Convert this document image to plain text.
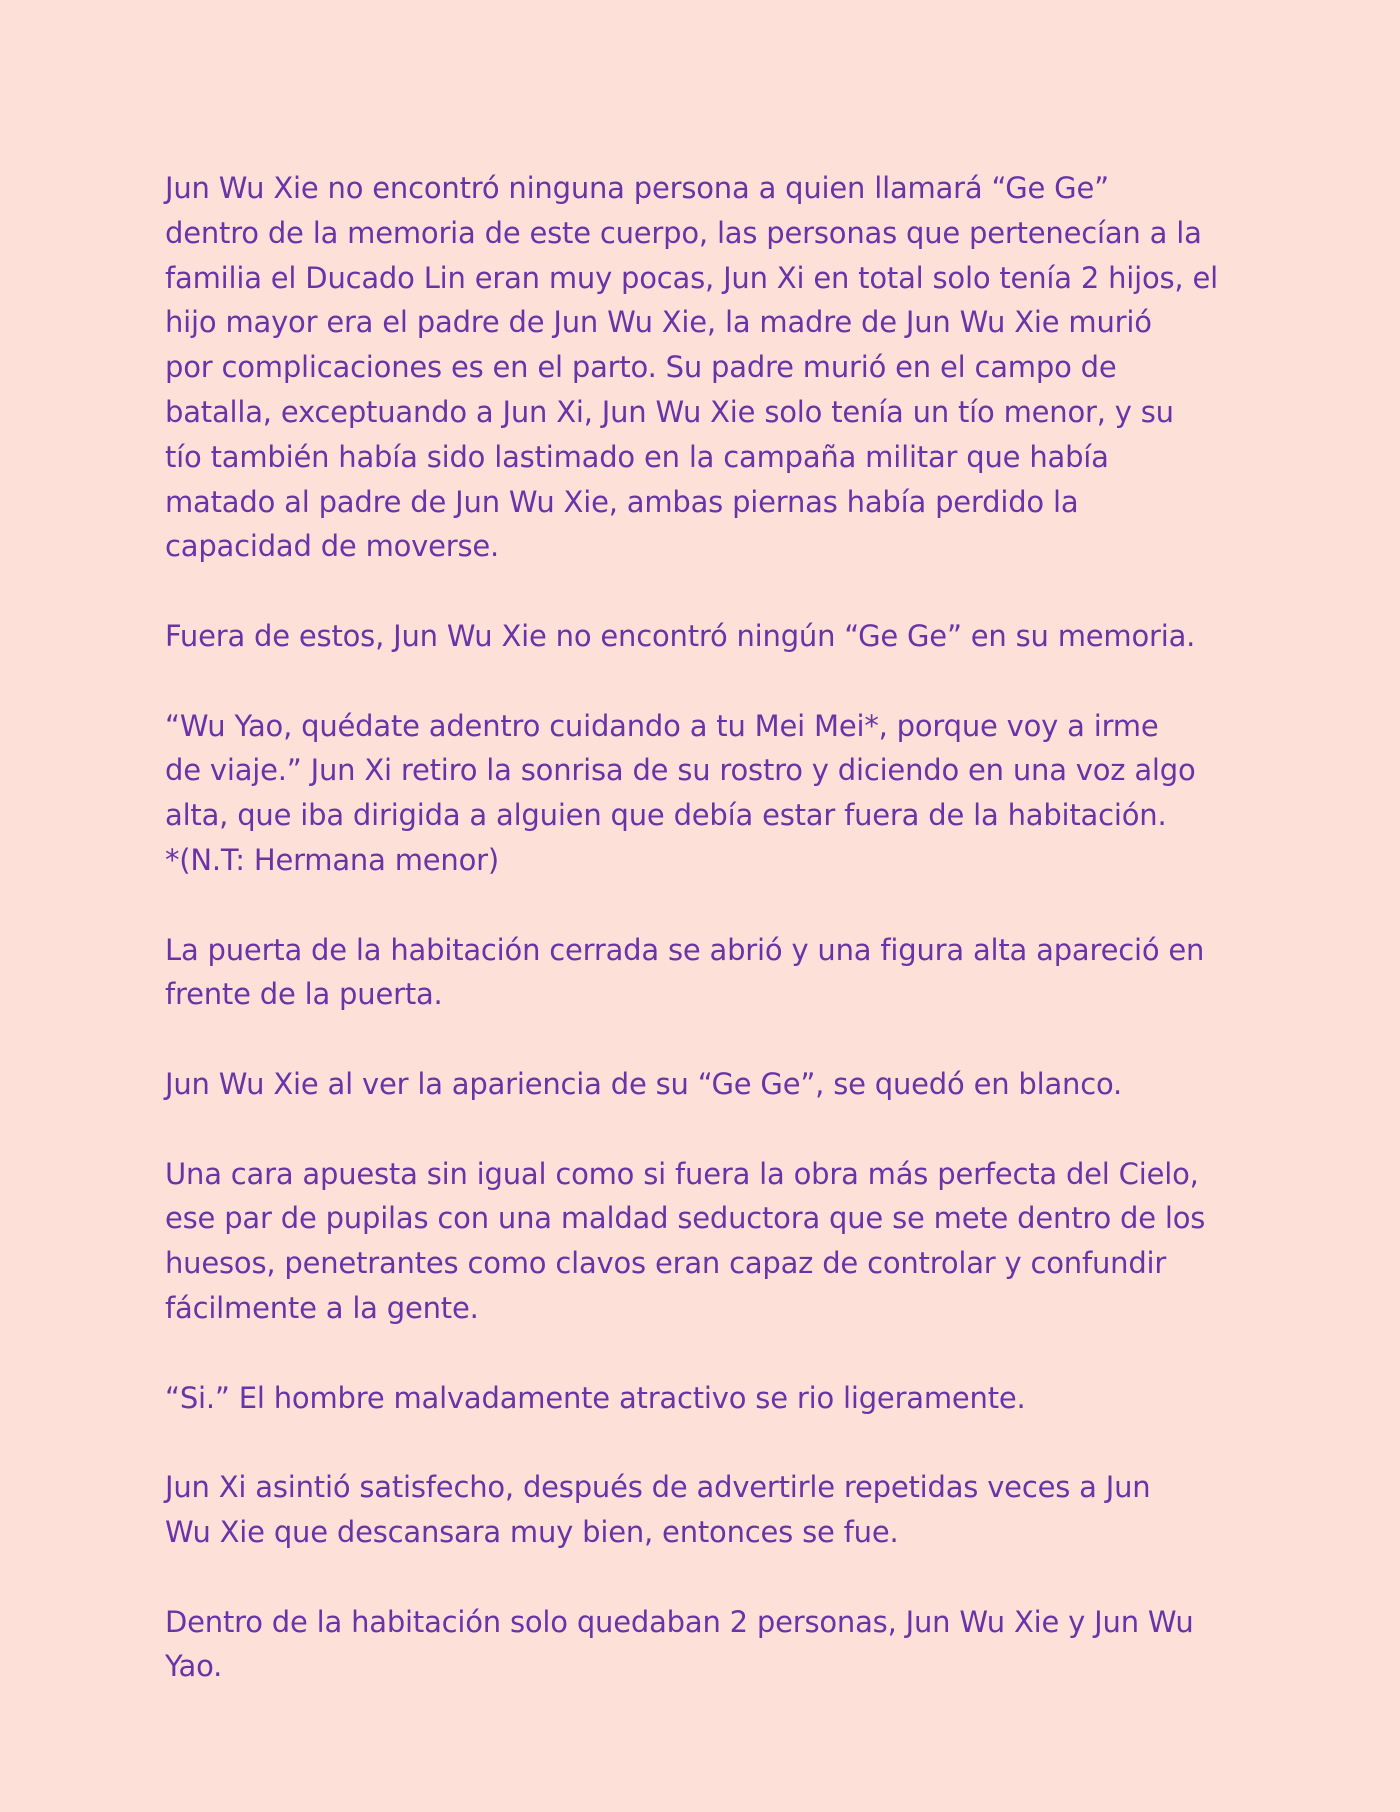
Jun Wu Xie no encontró ninguna persona a quien llamará “Ge Ge”
dentro de la memoria de este cuerpo, las personas que pertenecían a la
familia el Ducado Lin eran muy pocas, Jun Xi en total solo tenía 2 hijos, el
hijo mayor era el padre de Jun Wu Xie, la madre de Jun Wu Xie murió
por complicaciones es en el parto. Su padre murió en el campo de
batalla, exceptuando a Jun Xi, Jun Wu Xie solo tenía un tío menor, y su
tío también había sido lastimado en la campaña militar que había
matado al padre de Jun Wu Xie, ambas piernas había perdido la
capacidad de moverse.

Fuera de estos, Jun Wu Xie no encontró ningún “Ge Ge” en su memoria.

“Wu Yao, quédate adentro cuidando a tu Mei Mei*, porque voy a irme
de viaje.” Jun Xi retiro la sonrisa de su rostro y diciendo en una voz algo
alta, que iba dirigida a alguien que debía estar fuera de la habitación.
*(N.T: Hermana menor)

La puerta de la habitación cerrada se abrió y una figura alta apareció en
frente de la puerta.

Jun Wu Xie al ver la apariencia de su “Ge Ge”, se quedó en blanco.

Una cara apuesta sin igual como si fuera la obra más perfecta del Cielo,
ese par de pupilas con una maldad seductora que se mete dentro de los
huesos, penetrantes como clavos eran capaz de controlar y confundir
fácilmente a la gente.

“Si.” El hombre malvadamente atractivo se rio ligeramente.

Jun Xi asintió satisfecho, después de advertirle repetidas veces a Jun
Wu Xie que descansara muy bien, entonces se fue.

Dentro de la habitación solo quedaban 2 personas, Jun Wu Xie y Jun Wu
Yao.
